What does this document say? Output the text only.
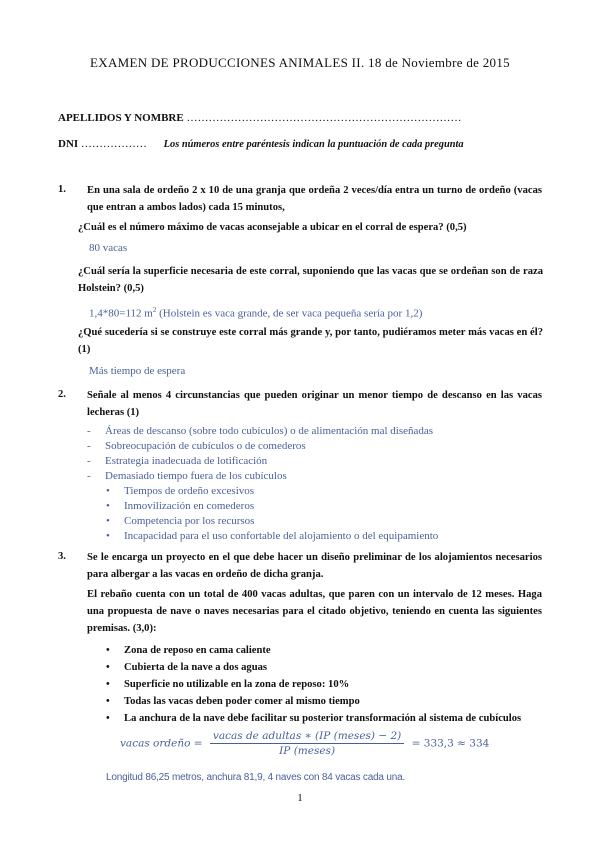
EXAMEN DE PRODUCCIONES ANIMALES II. 18 de Noviembre de 2015
APELLIDOS Y NOMBRE …………………………………………………………………
DNI ……………… Los números entre paréntesis indican la puntuación de cada pregunta
1. En una sala de ordeño 2 x 10 de una granja que ordeña 2 veces/día entra un turno de ordeño (vacas que entran a ambos lados) cada 15 minutos,
¿Cuál es el número máximo de vacas aconsejable a ubicar en el corral de espera? (0,5)
80 vacas
¿Cuál sería la superficie necesaria de este corral, suponiendo que las vacas que se ordeñan son de raza Holstein? (0,5)
1,4*80=112 $m^2$ (Holstein es vaca grande, de ser vaca pequeña sería por 1,2)
¿Qué sucedería si se construye este corral más grande y, por tanto, pudiéramos meter más vacas en él? (1)
Más tiempo de espera
2. Señale al menos 4 circunstancias que pueden originar un menor tiempo de descanso en las vacas lecheras (1)
- Áreas de descanso (sobre todo cubículos) o de alimentación mal diseñadas
- Sobreocupación de cubículos o de comederos
- Estrategia inadecuada de lotificación
- Demasiado tiempo fuera de los cubículos
• Tiempos de ordeño excesivos
• Inmovilización en comederos
• Competencia por los recursos
• Incapacidad para el uso confortable del alojamiento o del equipamiento
3. Se le encarga un proyecto en el que debe hacer un diseño preliminar de los alojamientos necesarios para albergar a las vacas en ordeño de dicha granja.
El rebaño cuenta con un total de 400 vacas adultas, que paren con un intervalo de 12 meses. Haga una propuesta de nave o naves necesarias para el citado objetivo, teniendo en cuenta las siguientes premisas. (3,0):
• Zona de reposo en cama caliente
• Cubierta de la nave a dos aguas
• Superficie no utilizable en la zona de reposo: 10%
• Todas las vacas deben poder comer al mismo tiempo
• La anchura de la nave debe facilitar su posterior transformación al sistema de cubículos
vacas ordeño = $\frac{\text{vacas de adultas ∗ (IP (meses) − 2)}}{\text{IP (meses)}} = 333,3 \approx 334$
Longitud 86,25 metros, anchura 81,9, 4 naves con 84 vacas cada una.
1
